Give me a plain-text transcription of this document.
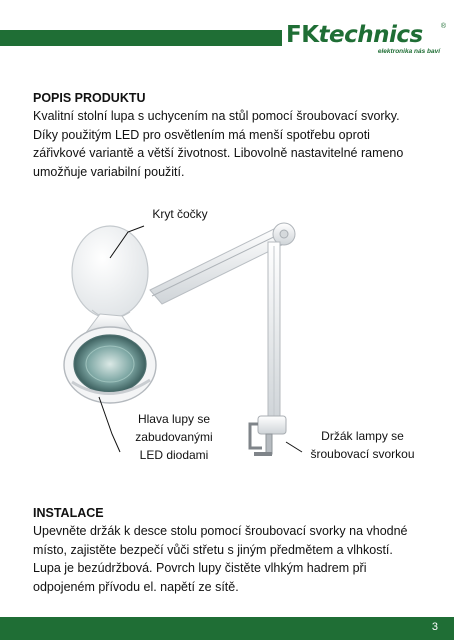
FKtechnics	®
elektronika nás baví
POPIS PRODUKTU

Kvalitní stolní lupa s uchycením na stůl pomocí šroubovací svorky.

Díky použitým LED pro osvětlením má menší spotřebu oproti

zářivkové variantě a větší životnost. Libovolně nastavitelné rameno

umožňuje variabilní použití.

Kryt čočky
Hlava lupy se
zabudovanými
LED diodami
Držák lampy se
šroubovací svorkou
INSTALACE

Upevněte držák k desce stolu pomocí šroubovací svorky na vhodné

místo, zajistěte bezpečí vůči střetu s jiným předmětem a vlhkostí.

Lupa je bezúdržbová. Povrch lupy čistěte vlhkým hadrem při

odpojeném přívodu el. napětí ze sítě.

3
